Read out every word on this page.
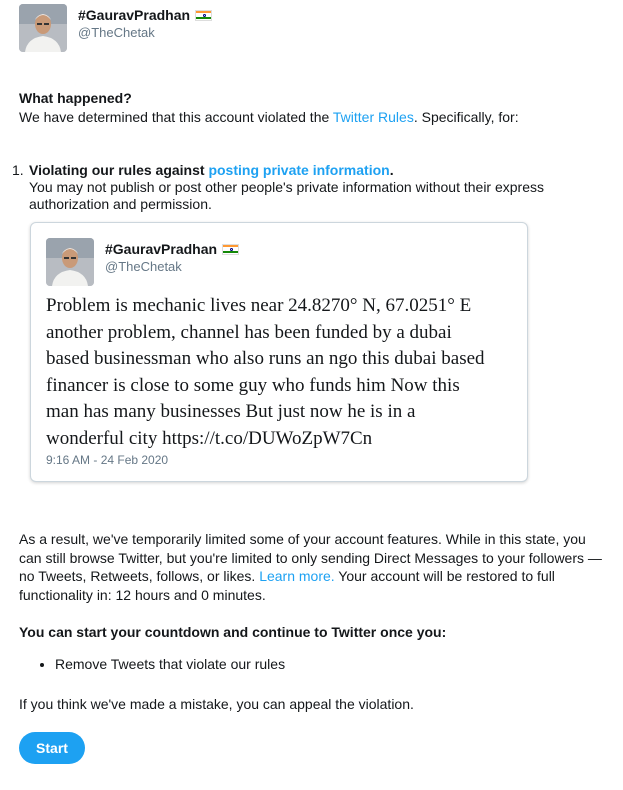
#GauravPradhan
@TheChetak
What happened?
We have determined that this account violated the Twitter Rules. Specifically, for:
1. Violating our rules against posting private information.
You may not publish or post other people's private information without their express authorization and permission.
#GauravPradhan
@TheChetak
Problem is mechanic lives near 24.8270° N, 67.0251° E
another problem, channel has been funded by a dubai
based businessman who also runs an ngo this dubai based
financer is close to some guy who funds him Now this
man has many businesses But just now he is in a
wonderful city https://t.co/DUWoZpW7Cn
9:16 AM - 24 Feb 2020
As a result, we've temporarily limited some of your account features. While in this state, you can still browse Twitter, but you're limited to only sending Direct Messages to your followers — no Tweets, Retweets, follows, or likes. Learn more. Your account will be restored to full functionality in: 12 hours and 0 minutes.
You can start your countdown and continue to Twitter once you:
Remove Tweets that violate our rules
If you think we've made a mistake, you can appeal the violation.
Start
